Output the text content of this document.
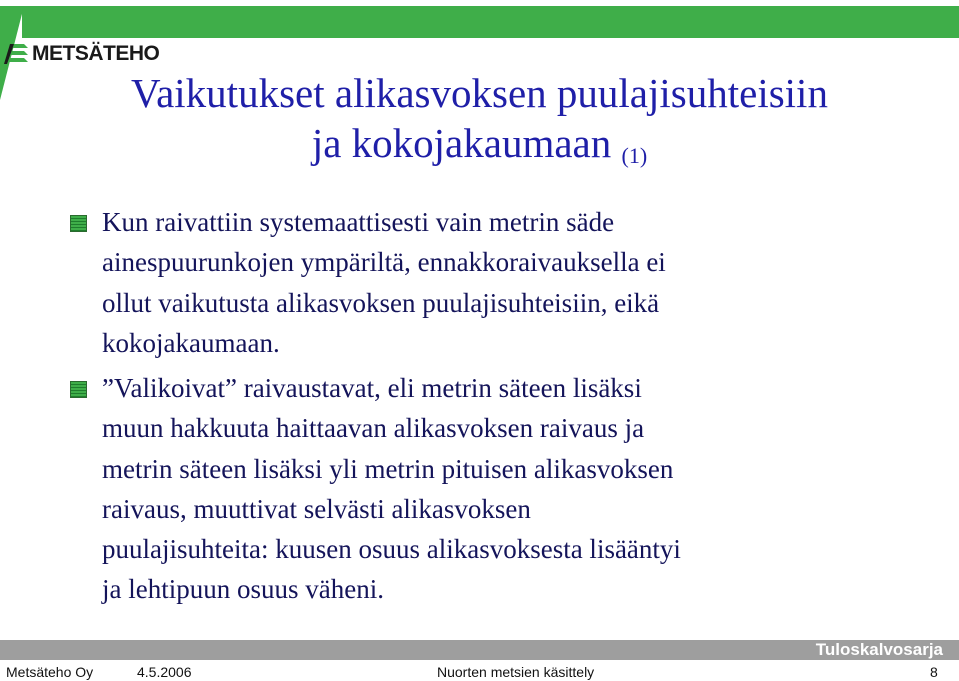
METSÄTEHO
Vaikutukset alikasvoksen puulajisuhteisiin
ja kokojakaumaan $_{(1)}$
Kun raivattiin systemaattisesti vain metrin säde
ainespuurunkojen ympäriltä, ennakkoraivauksella ei
ollut vaikutusta alikasvoksen puulajisuhteisiin, eikä
kokojakaumaan.
”Valikoivat” raivaustavat, eli metrin säteen lisäksi
muun hakkuuta haittaavan alikasvoksen raivaus ja
metrin säteen lisäksi yli metrin pituisen alikasvoksen
raivaus, muuttivat selvästi alikasvoksen
puulajisuhteita: kuusen osuus alikasvoksesta lisääntyi
ja lehtipuun osuus väheni.
Tuloskalvosarja
Metsäteho Oy	4.5.2006	Nuorten metsien käsittely	8
